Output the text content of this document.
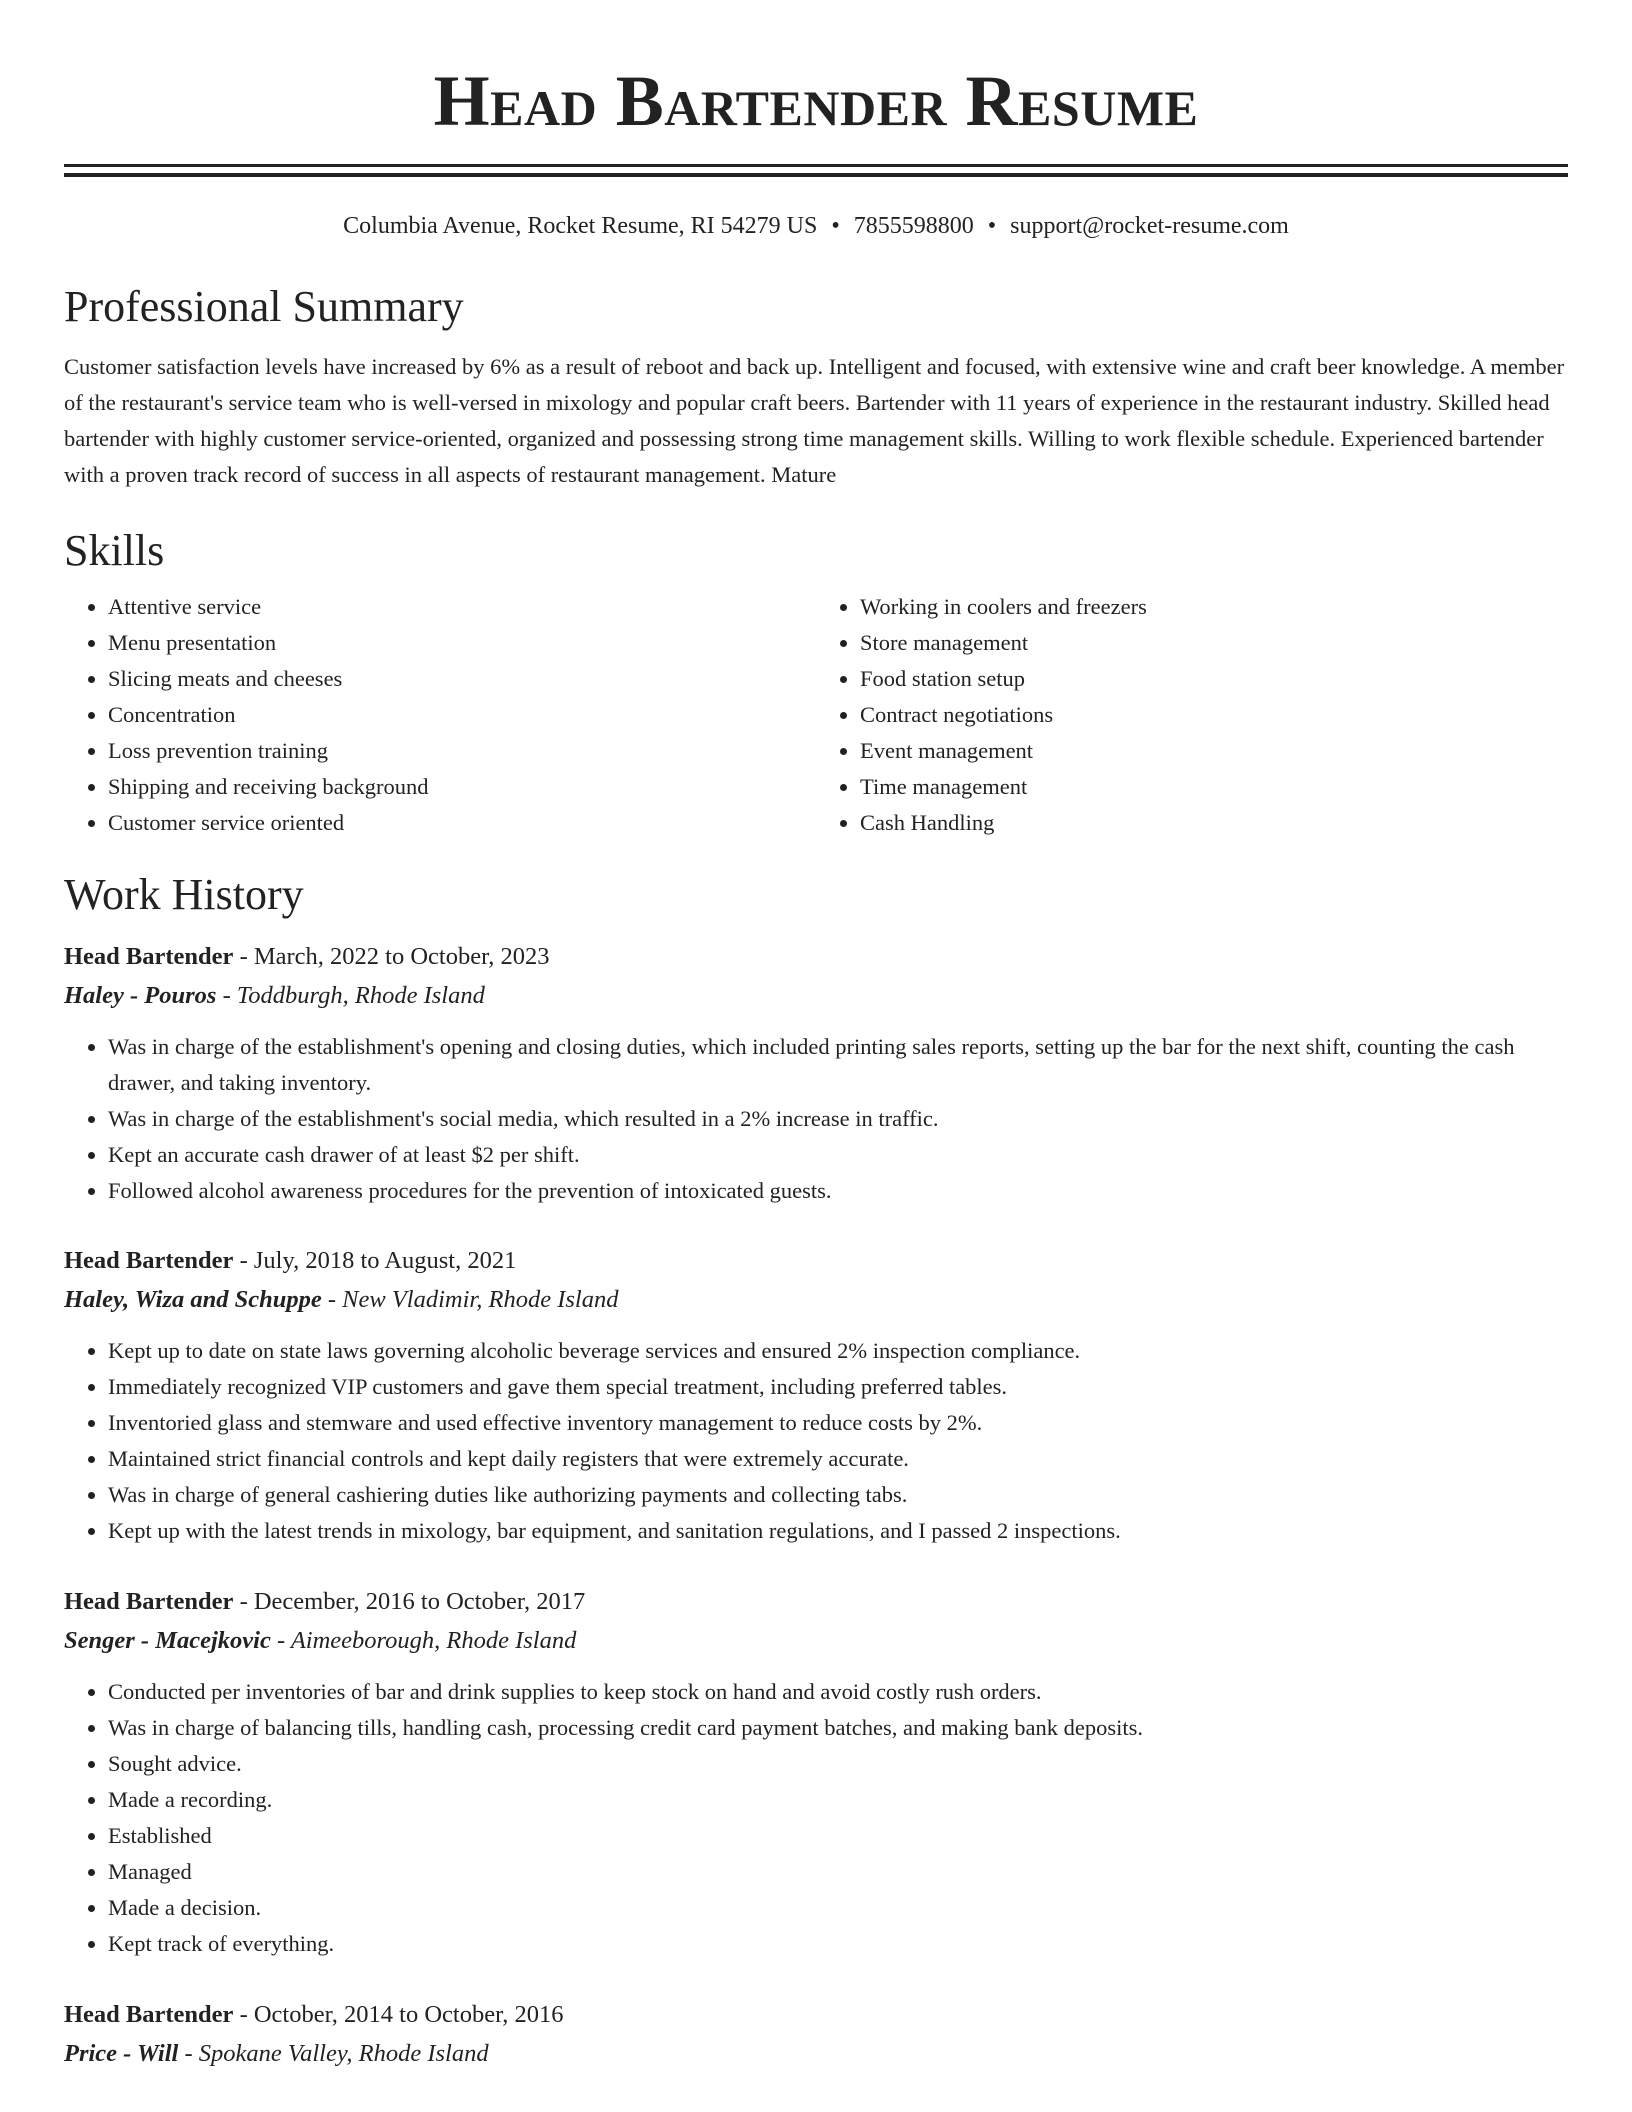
Head Bartender Resume
Columbia Avenue, Rocket Resume, RI 54279 US • 7855598800 • support@rocket-resume.com
Professional Summary

Customer satisfaction levels have increased by 6% as a result of reboot and back up. Intelligent and focused, with extensive wine and craft beer knowledge. A member of the restaurant's service team who is well-versed in mixology and popular craft beers. Bartender with 11 years of experience in the restaurant industry. Skilled head bartender with highly customer service-oriented, organized and possessing strong time management skills. Willing to work flexible schedule. Experienced bartender with a proven track record of success in all aspects of restaurant management. Mature

Skills
• Attentive service
• Menu presentation
• Slicing meats and cheeses
• Concentration
• Loss prevention training
• Shipping and receiving background
• Customer service oriented
• Working in coolers and freezers
• Store management
• Food station setup
• Contract negotiations
• Event management
• Time management
• Cash Handling
Work History
Head Bartender - March, 2022 to October, 2023
Haley - Pouros - Toddburgh, Rhode Island
• Was in charge of the establishment's opening and closing duties, which included printing sales reports, setting up the bar for the next shift, counting the cash drawer, and taking inventory.
• Was in charge of the establishment's social media, which resulted in a 2% increase in traffic.
• Kept an accurate cash drawer of at least $2 per shift.
• Followed alcohol awareness procedures for the prevention of intoxicated guests.
Head Bartender - July, 2018 to August, 2021
Haley, Wiza and Schuppe - New Vladimir, Rhode Island
• Kept up to date on state laws governing alcoholic beverage services and ensured 2% inspection compliance.
• Immediately recognized VIP customers and gave them special treatment, including preferred tables.
• Inventoried glass and stemware and used effective inventory management to reduce costs by 2%.
• Maintained strict financial controls and kept daily registers that were extremely accurate.
• Was in charge of general cashiering duties like authorizing payments and collecting tabs.
• Kept up with the latest trends in mixology, bar equipment, and sanitation regulations, and I passed 2 inspections.
Head Bartender - December, 2016 to October, 2017
Senger - Macejkovic - Aimeeborough, Rhode Island
• Conducted per inventories of bar and drink supplies to keep stock on hand and avoid costly rush orders.
• Was in charge of balancing tills, handling cash, processing credit card payment batches, and making bank deposits.
• Sought advice.
• Made a recording.
• Established
• Managed
• Made a decision.
• Kept track of everything.
Head Bartender - October, 2014 to October, 2016
Price - Will - Spokane Valley, Rhode Island
